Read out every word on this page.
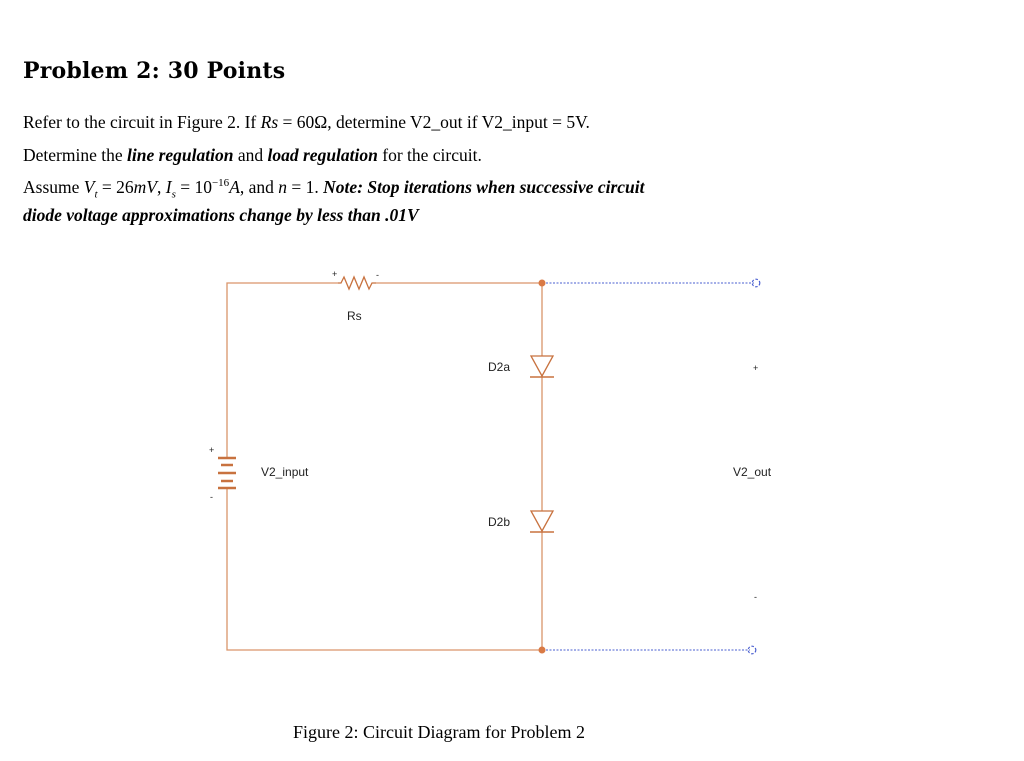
Problem 2: 30 Points
Refer to the circuit in Figure 2. If Rs = 60Ω, determine V2_out if V2_input = 5V.
Determine the line regulation and load regulation for the circuit.
Assume $V_t = 26mV$, $I_s = 10^{-16}A$, and n = 1. Note: Stop iterations when successive circuit
diode voltage approximations change by less than .01V
+	-
Rs
D2a
D2b
+
-
V2_input
+
V2_out
-
Figure 2: Circuit Diagram for Problem 2
